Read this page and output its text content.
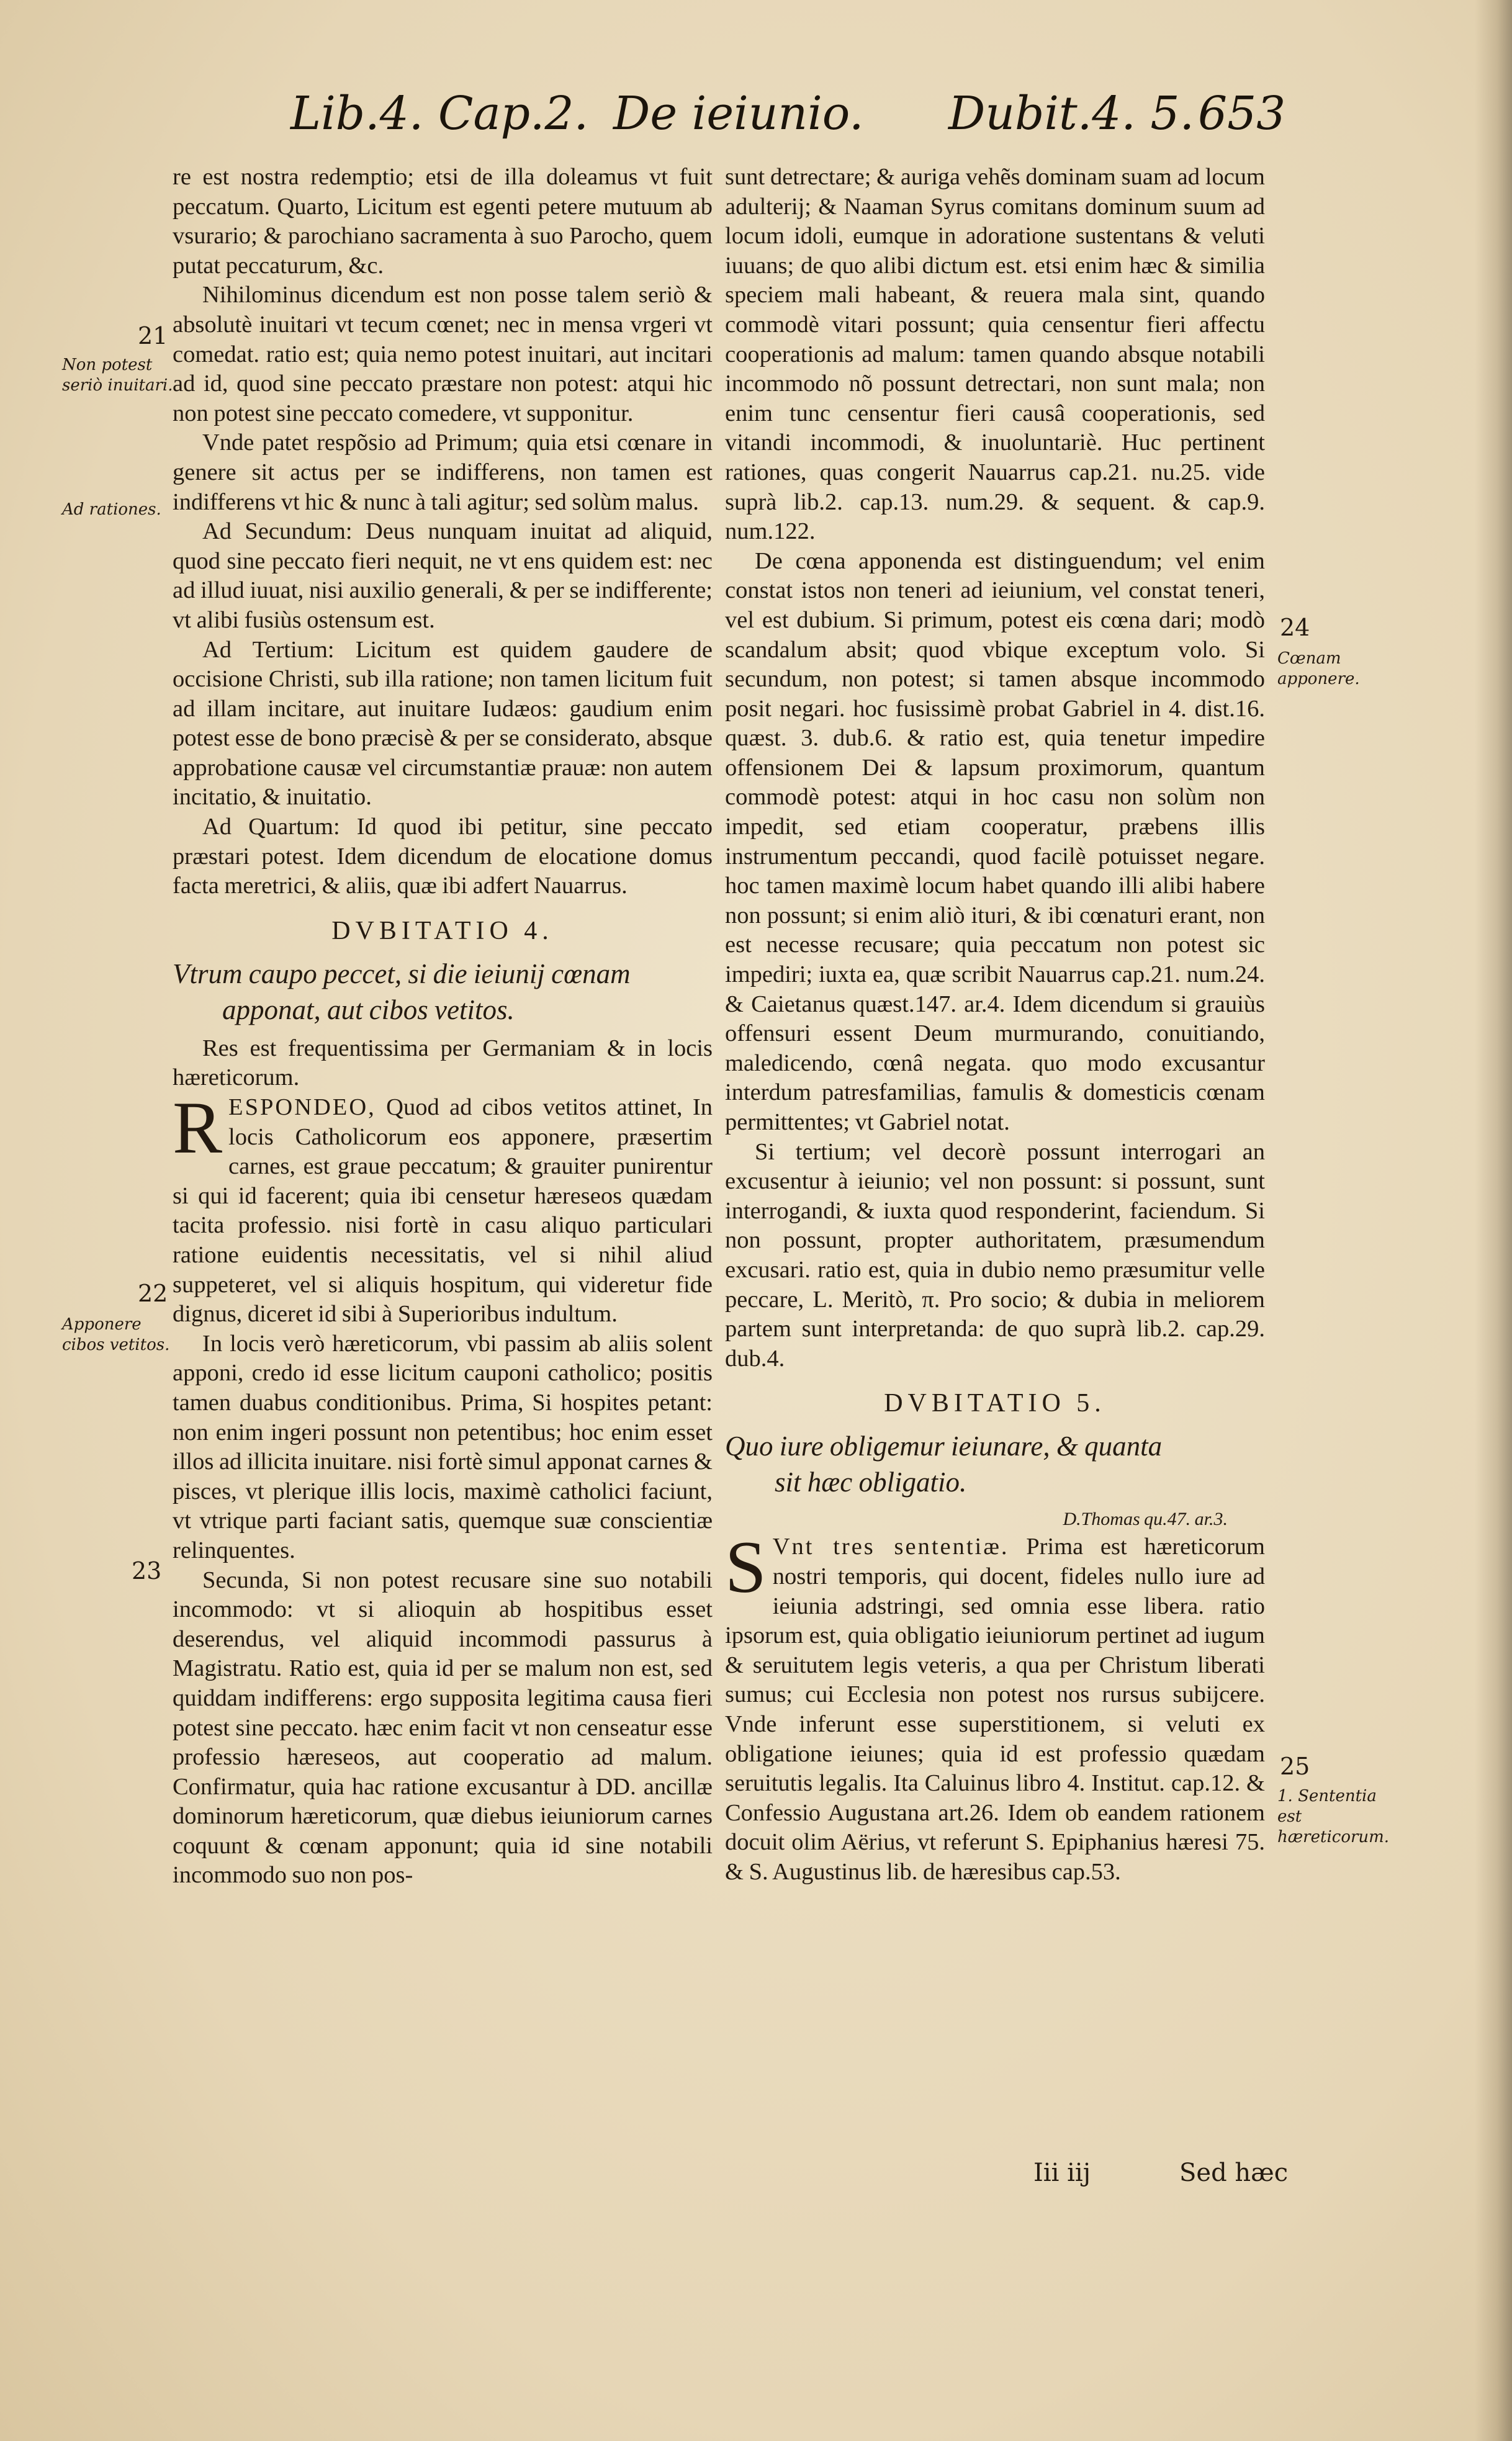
Lib.4. Cap.2. De ieiunio. Dubit.4. 5. 653
21
Non potest seriò inuitari.
Ad rationes.
22
Apponere cibos vetitos.
23
24
Cœnam apponere.
25
1. Sententia est hæreticorum.

re est nostra redemptio; etsi de illa doleamus vt fuit peccatum. Quarto, Licitum est egenti petere mutuum ab vsurario; & parochiano sacramenta à suo Parocho, quem putat peccaturum, &c.

Nihilominus dicendum est non posse talem seriò & absolutè inuitari vt tecum cœnet; nec in mensa vrgeri vt comedat. ratio est; quia nemo potest inuitari, aut incitari ad id, quod sine peccato præstare non potest: atqui hic non potest sine peccato comedere, vt supponitur.

Vnde patet respõsio ad Primum; quia etsi cœnare in genere sit actus per se indifferens, non tamen est indifferens vt hic & nunc à tali agitur; sed solùm malus.

Ad Secundum: Deus nunquam inuitat ad aliquid, quod sine peccato fieri nequit, ne vt ens quidem est: nec ad illud iuuat, nisi auxilio generali, & per se indifferente; vt alibi fusiùs ostensum est.

Ad Tertium: Licitum est quidem gaudere de occisione Christi, sub illa ratione; non tamen licitum fuit ad illam incitare, aut inuitare Iudæos: gaudium enim potest esse de bono præcisè & per se considerato, absque approbatione causæ vel circumstantiæ prauæ: non autem incitatio, & inuitatio.

Ad Quartum: Id quod ibi petitur, sine peccato præstari potest. Idem dicendum de elocatione domus facta meretrici, & aliis, quæ ibi adfert Nauarrus.

DVBITATIO 4.
Vtrum caupo peccet, si die ieiunij cœnam
apponat, aut cibos vetitos.

Res est frequentissima per Germaniam & in locis hæreticorum.

RESPONDEO, Quod ad cibos vetitos attinet, In locis Catholicorum eos apponere, præsertim carnes, est graue peccatum; & grauiter punirentur si qui id facerent; quia ibi censetur hæreseos quædam tacita professio. nisi fortè in casu aliquo particulari ratione euidentis necessitatis, vel si nihil aliud suppeteret, vel si aliquis hospitum, qui videretur fide dignus, diceret id sibi à Superioribus indultum.

In locis verò hæreticorum, vbi passim ab aliis solent apponi, credo id esse licitum cauponi catholico; positis tamen duabus conditionibus. Prima, Si hospites petant: non enim ingeri possunt non petentibus; hoc enim esset illos ad illicita inuitare. nisi fortè simul apponat carnes & pisces, vt plerique illis locis, maximè catholici faciunt, vt vtrique parti faciant satis, quemque suæ conscientiæ relinquentes.

Secunda, Si non potest recusare sine suo notabili incommodo: vt si alioquin ab hospitibus esset deserendus, vel aliquid incommodi passurus à Magistratu. Ratio est, quia id per se malum non est, sed quiddam indifferens: ergo supposita legitima causa fieri potest sine peccato. hæc enim facit vt non censeatur esse professio hæreseos, aut cooperatio ad malum. Confirmatur, quia hac ratione excusantur à DD. ancillæ dominorum hæreticorum, quæ diebus ieiuniorum carnes coquunt & cœnam apponunt; quia id sine notabili incommodo suo non pos-

sunt detrectare; & auriga vehẽs dominam suam ad locum adulterij; & Naaman Syrus comitans dominum suum ad locum idoli, eumque in adoratione sustentans & veluti iuuans; de quo alibi dictum est. etsi enim hæc & similia speciem mali habeant, & reuera mala sint, quando commodè vitari possunt; quia censentur fieri affectu cooperationis ad malum: tamen quando absque notabili incommodo nõ possunt detrectari, non sunt mala; non enim tunc censentur fieri causâ cooperationis, sed vitandi incommodi, & inuoluntariè. Huc pertinent rationes, quas congerit Nauarrus cap.21. nu.25. vide suprà lib.2. cap.13. num.29. & sequent. & cap.9. num.122.

De cœna apponenda est distinguendum; vel enim constat istos non teneri ad ieiunium, vel constat teneri, vel est dubium. Si primum, potest eis cœna dari; modò scandalum absit; quod vbique exceptum volo. Si secundum, non potest; si tamen absque incommodo posit negari. hoc fusissimè probat Gabriel in 4. dist.16. quæst. 3. dub.6. & ratio est, quia tenetur impedire offensionem Dei & lapsum proximorum, quantum commodè potest: atqui in hoc casu non solùm non impedit, sed etiam cooperatur, præbens illis instrumentum peccandi, quod facilè potuisset negare. hoc tamen maximè locum habet quando illi alibi habere non possunt; si enim aliò ituri, & ibi cœnaturi erant, non est necesse recusare; quia peccatum non potest sic impediri; iuxta ea, quæ scribit Nauarrus cap.21. num.24. & Caietanus quæst.147. ar.4. Idem dicendum si grauiùs offensuri essent Deum murmurando, conuitiando, maledicendo, cœnâ negata. quo modo excusantur interdum patresfamilias, famulis & domesticis cœnam permittentes; vt Gabriel notat.

Si tertium; vel decorè possunt interrogari an excusentur à ieiunio; vel non possunt: si possunt, sunt interrogandi, & iuxta quod responderint, faciendum. Si non possunt, propter authoritatem, præsumendum excusari. ratio est, quia in dubio nemo præsumitur velle peccare, L. Meritò, π. Pro socio; & dubia in meliorem partem sunt interpretanda: de quo suprà lib.2. cap.29. dub.4.

DVBITATIO 5.
Quo iure obligemur ieiunare, & quanta
sit hæc obligatio.
D.Thomas qu.47. ar.3.

S Vnt tres sententiæ. Prima est hæreticorum nostri temporis, qui docent, fideles nullo iure ad ieiunia adstringi, sed omnia esse libera. ratio ipsorum est, quia obligatio ieiuniorum pertinet ad iugum & seruitutem legis veteris, a qua per Christum liberati sumus; cui Ecclesia non potest nos rursus subijcere. Vnde inferunt esse superstitionem, si veluti ex obligatione ieiunes; quia id est professio quædam seruitutis legalis. Ita Caluinus libro 4. Institut. cap.12. & Confessio Augustana art.26. Idem ob eandem rationem docuit olim Aërius, vt referunt S. Epiphanius hæresi 75. & S. Augustinus lib. de hæresibus cap.53.

Iii iij	Sed hæc
